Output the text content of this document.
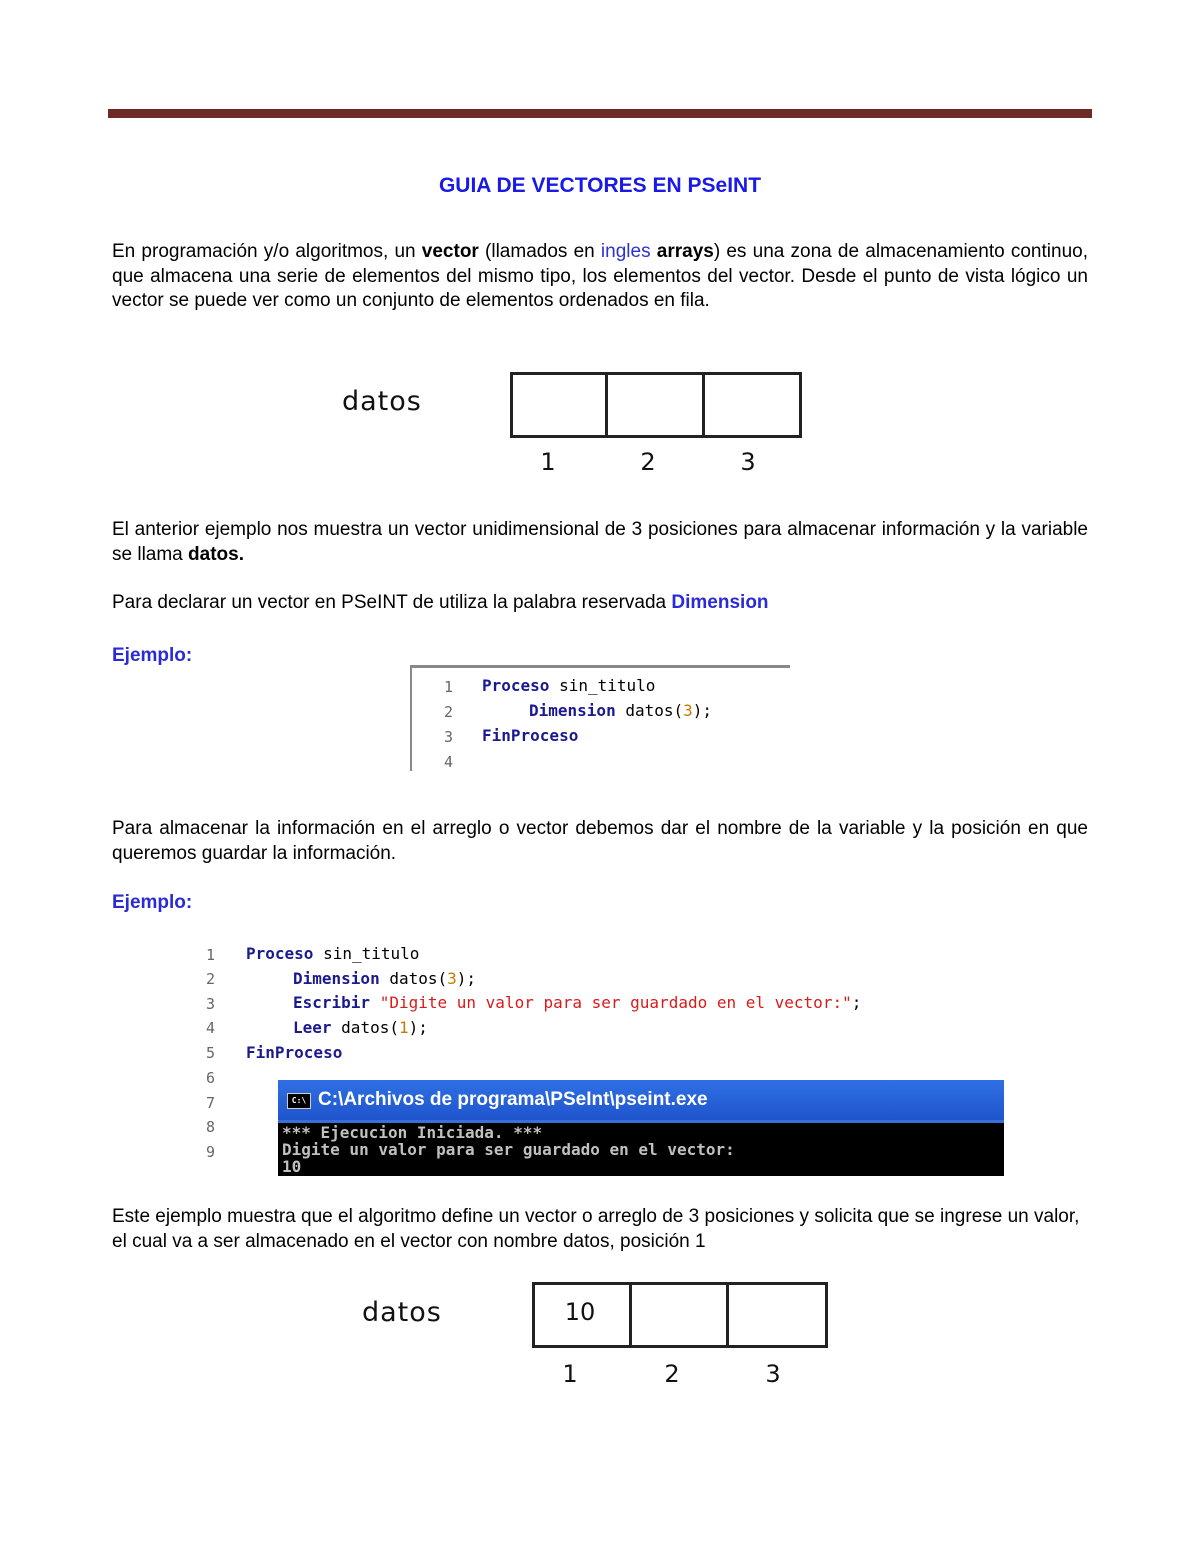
GUIA DE VECTORES EN PSeINT
En programación y/o algoritmos, un vector (llamados en ingles arrays) es una zona de almacenamiento continuo, que almacena una serie de elementos del mismo tipo, los elementos del vector. Desde el punto de vista lógico un vector se puede ver como un conjunto de elementos ordenados en fila.
datos
1	2	3
El anterior ejemplo nos muestra un vector unidimensional de 3 posiciones para almacenar información y la variable se llama datos.
Para declarar un vector en PSeINT de utiliza la palabra reservada Dimension
Ejemplo:
1
2
3
4
Proceso sin_titulo
Dimension datos(3);
FinProceso
Para almacenar la información en el arreglo o vector debemos dar el nombre de la variable y la posición en que queremos guardar la información.
Ejemplo:
1
2
3
4
5
6
7
8
9
Proceso sin_titulo
Dimension datos(3);
Escribir "Digite un valor para ser guardado en el vector:";
Leer datos(1);
FinProceso
C:\ C:\Archivos de programa\PSeInt\pseint.exe
*** Ejecucion Iniciada. ***
Digite un valor para ser guardado en el vector:
10
Este ejemplo muestra que el algoritmo define un vector o arreglo de 3 posiciones y solicita que se ingrese un valor, el cual va a ser almacenado en el vector con nombre datos, posición 1
datos	10
1	2	3
